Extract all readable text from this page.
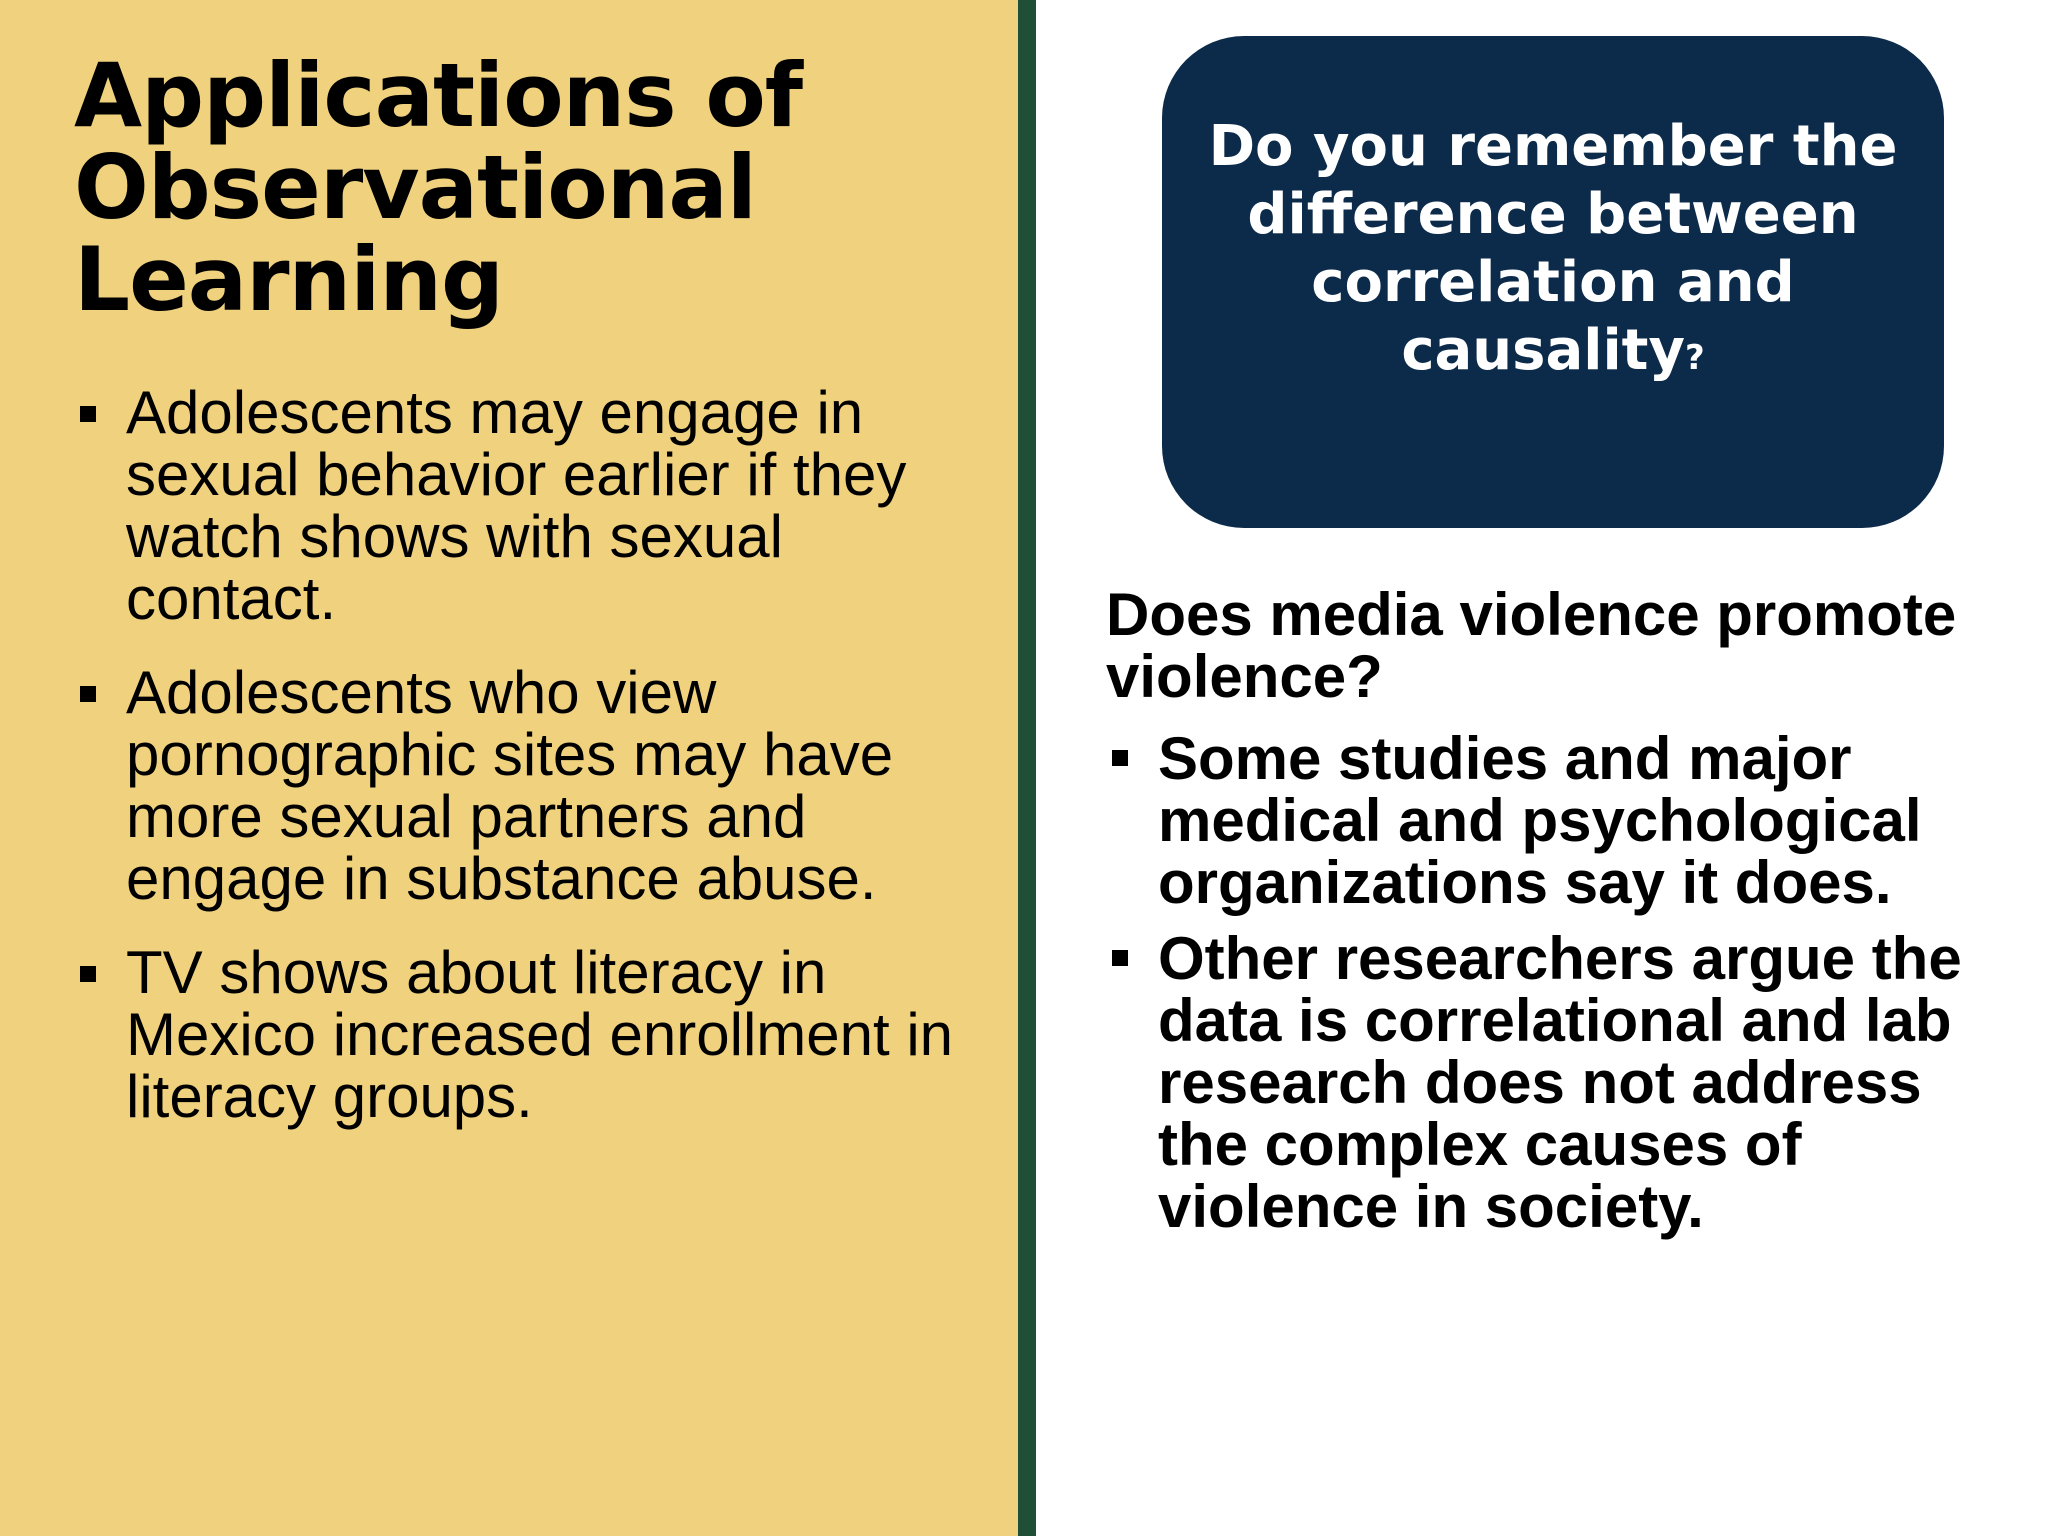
Applications of Observational Learning
Adolescents may engage in sexual behavior earlier if they watch shows with sexual contact.
Adolescents who view pornographic sites may have more sexual partners and engage in substance abuse.
TV shows about literacy in Mexico increased enrollment in literacy groups.
Do you remember the difference between correlation and causality?
Does media violence promote violence?
Some studies and major medical and psychological organizations say it does.
Other researchers argue the data is correlational and lab research does not address the complex causes of violence in society.
